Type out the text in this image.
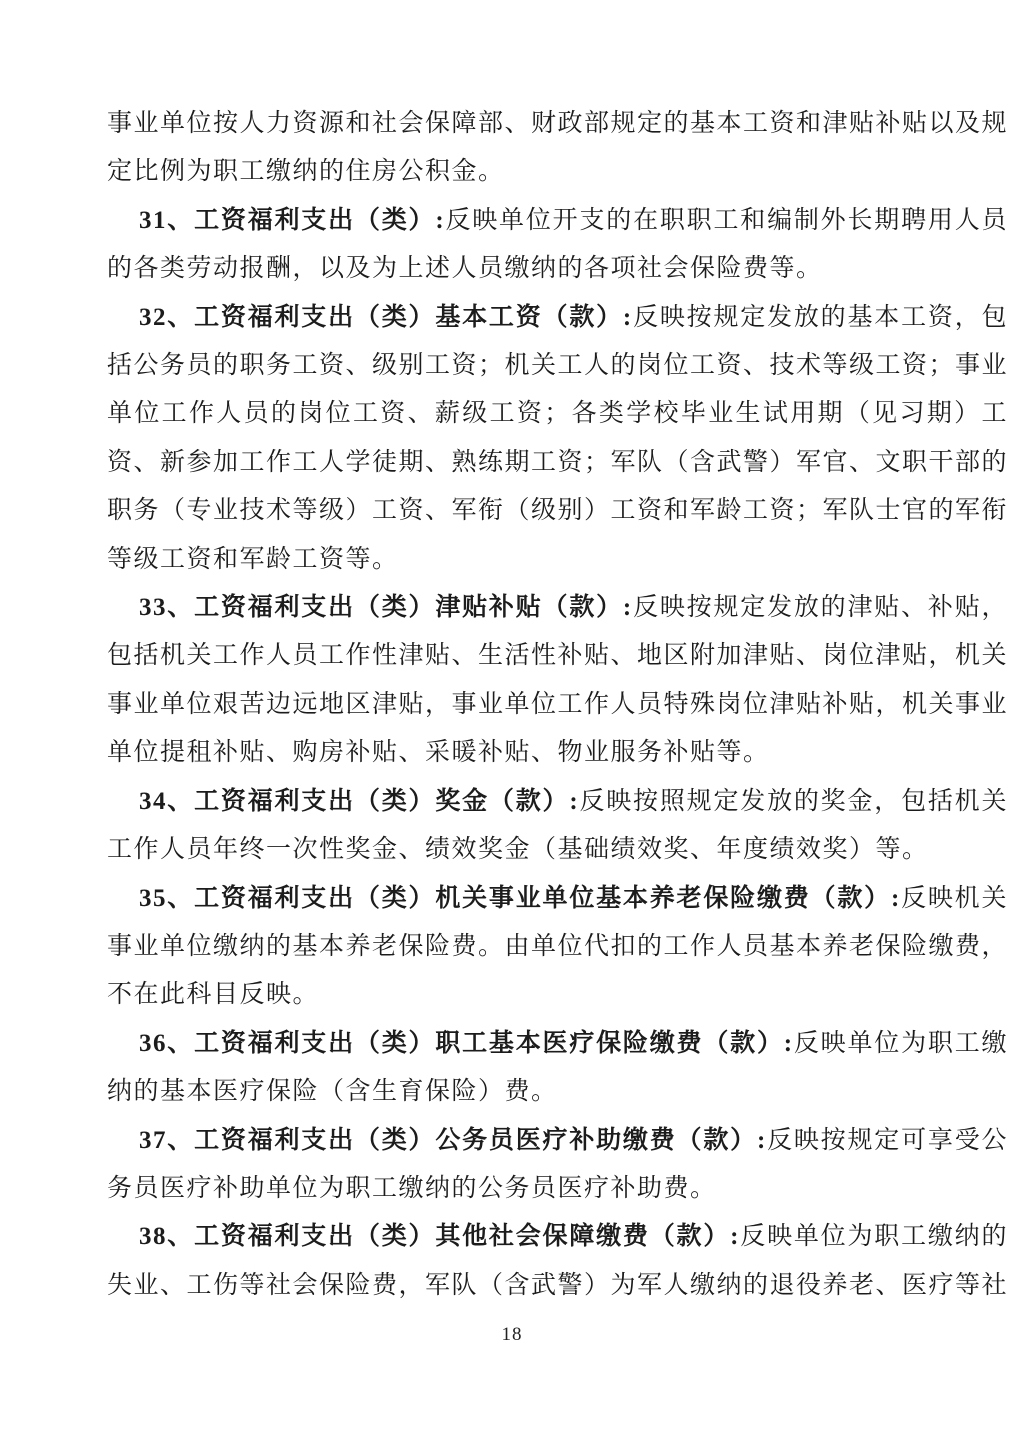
事业单位按人力资源和社会保障部、财政部规定的基本工资和津贴补贴以及规定比例为职工缴纳的住房公积金。

31、工资福利支出（类）:反映单位开支的在职职工和编制外长期聘用人员的各类劳动报酬，以及为上述人员缴纳的各项社会保险费等。

32、工资福利支出（类）基本工资（款）:反映按规定发放的基本工资，包括公务员的职务工资、级别工资；机关工人的岗位工资、技术等级工资；事业单位工作人员的岗位工资、薪级工资；各类学校毕业生试用期（见习期）工资、新参加工作工人学徒期、熟练期工资；军队（含武警）军官、文职干部的职务（专业技术等级）工资、军衔（级别）工资和军龄工资；军队士官的军衔等级工资和军龄工资等。

33、工资福利支出（类）津贴补贴（款）:反映按规定发放的津贴、补贴，包括机关工作人员工作性津贴、生活性补贴、地区附加津贴、岗位津贴，机关事业单位艰苦边远地区津贴，事业单位工作人员特殊岗位津贴补贴，机关事业单位提租补贴、购房补贴、采暖补贴、物业服务补贴等。

34、工资福利支出（类）奖金（款）:反映按照规定发放的奖金，包括机关工作人员年终一次性奖金、绩效奖金（基础绩效奖、年度绩效奖）等。

35、工资福利支出（类）机关事业单位基本养老保险缴费（款）:反映机关事业单位缴纳的基本养老保险费。由单位代扣的工作人员基本养老保险缴费，不在此科目反映。

36、工资福利支出（类）职工基本医疗保险缴费（款）:反映单位为职工缴纳的基本医疗保险（含生育保险）费。

37、工资福利支出（类）公务员医疗补助缴费（款）:反映按规定可享受公务员医疗补助单位为职工缴纳的公务员医疗补助费。

38、工资福利支出（类）其他社会保障缴费（款）:反映单位为职工缴纳的失业、工伤等社会保险费，军队（含武警）为军人缴纳的退役养老、医疗等社

18
